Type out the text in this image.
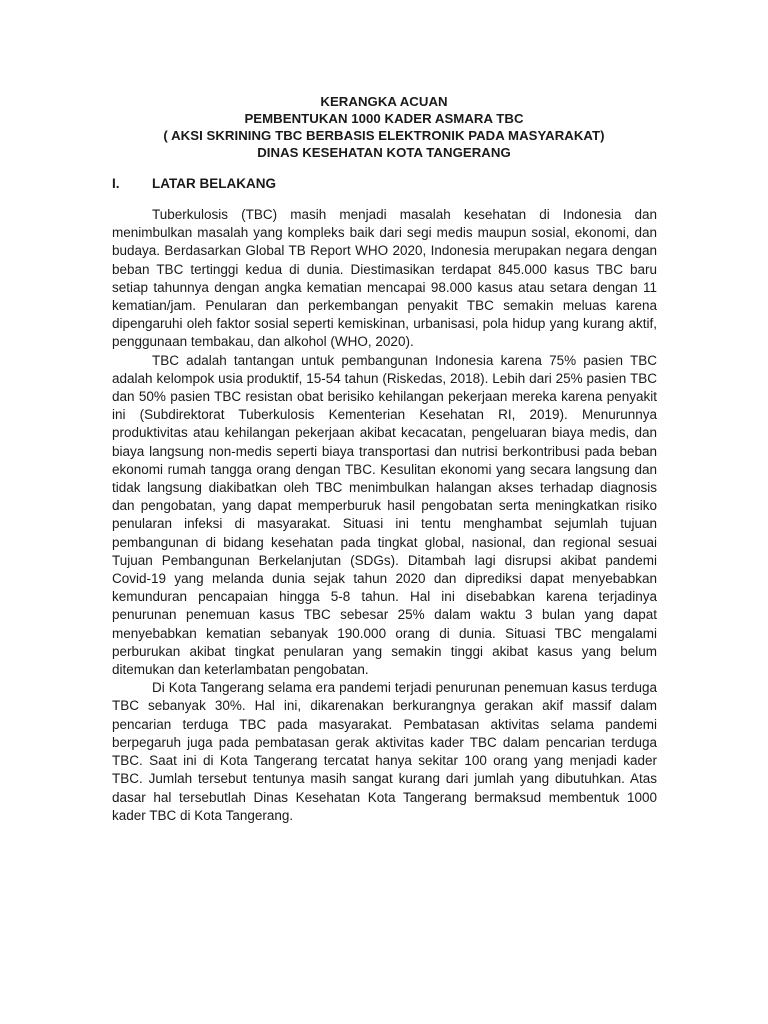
KERANGKA ACUAN
PEMBENTUKAN 1000 KADER ASMARA TBC
( AKSI SKRINING TBC BERBASIS ELEKTRONIK PADA MASYARAKAT)
DINAS KESEHATAN KOTA TANGERANG
I. LATAR BELAKANG

Tuberkulosis (TBC) masih menjadi masalah kesehatan di Indonesia dan menimbulkan masalah yang kompleks baik dari segi medis maupun sosial, ekonomi, dan budaya. Berdasarkan Global TB Report WHO 2020, Indonesia merupakan negara dengan beban TBC tertinggi kedua di dunia. Diestimasikan terdapat 845.000 kasus TBC baru setiap tahunnya dengan angka kematian mencapai 98.000 kasus atau setara dengan 11 kematian/jam. Penularan dan perkembangan penyakit TBC semakin meluas karena dipengaruhi oleh faktor sosial seperti kemiskinan, urbanisasi, pola hidup yang kurang aktif, penggunaan tembakau, dan alkohol (WHO, 2020).

TBC adalah tantangan untuk pembangunan Indonesia karena 75% pasien TBC adalah kelompok usia produktif, 15-54 tahun (Riskedas, 2018). Lebih dari 25% pasien TBC dan 50% pasien TBC resistan obat berisiko kehilangan pekerjaan mereka karena penyakit ini (Subdirektorat Tuberkulosis Kementerian Kesehatan RI, 2019). Menurunnya produktivitas atau kehilangan pekerjaan akibat kecacatan, pengeluaran biaya medis, dan biaya langsung non-medis seperti biaya transportasi dan nutrisi berkontribusi pada beban ekonomi rumah tangga orang dengan TBC. Kesulitan ekonomi yang secara langsung dan tidak langsung diakibatkan oleh TBC menimbulkan halangan akses terhadap diagnosis dan pengobatan, yang dapat memperburuk hasil pengobatan serta meningkatkan risiko penularan infeksi di masyarakat. Situasi ini tentu menghambat sejumlah tujuan pembangunan di bidang kesehatan pada tingkat global, nasional, dan regional sesuai Tujuan Pembangunan Berkelanjutan (SDGs). Ditambah lagi disrupsi akibat pandemi Covid-19 yang melanda dunia sejak tahun 2020 dan diprediksi dapat menyebabkan kemunduran pencapaian hingga 5-8 tahun. Hal ini disebabkan karena terjadinya penurunan penemuan kasus TBC sebesar 25% dalam waktu 3 bulan yang dapat menyebabkan kematian sebanyak 190.000 orang di dunia. Situasi TBC mengalami perburukan akibat tingkat penularan yang semakin tinggi akibat kasus yang belum ditemukan dan keterlambatan pengobatan.

Di Kota Tangerang selama era pandemi terjadi penurunan penemuan kasus terduga TBC sebanyak 30%. Hal ini, dikarenakan berkurangnya gerakan akif massif dalam pencarian terduga TBC pada masyarakat. Pembatasan aktivitas selama pandemi berpegaruh juga pada pembatasan gerak aktivitas kader TBC dalam pencarian terduga TBC. Saat ini di Kota Tangerang tercatat hanya sekitar 100 orang yang menjadi kader TBC. Jumlah tersebut tentunya masih sangat kurang dari jumlah yang dibutuhkan. Atas dasar hal tersebutlah Dinas Kesehatan Kota Tangerang bermaksud membentuk 1000 kader TBC di Kota Tangerang.
